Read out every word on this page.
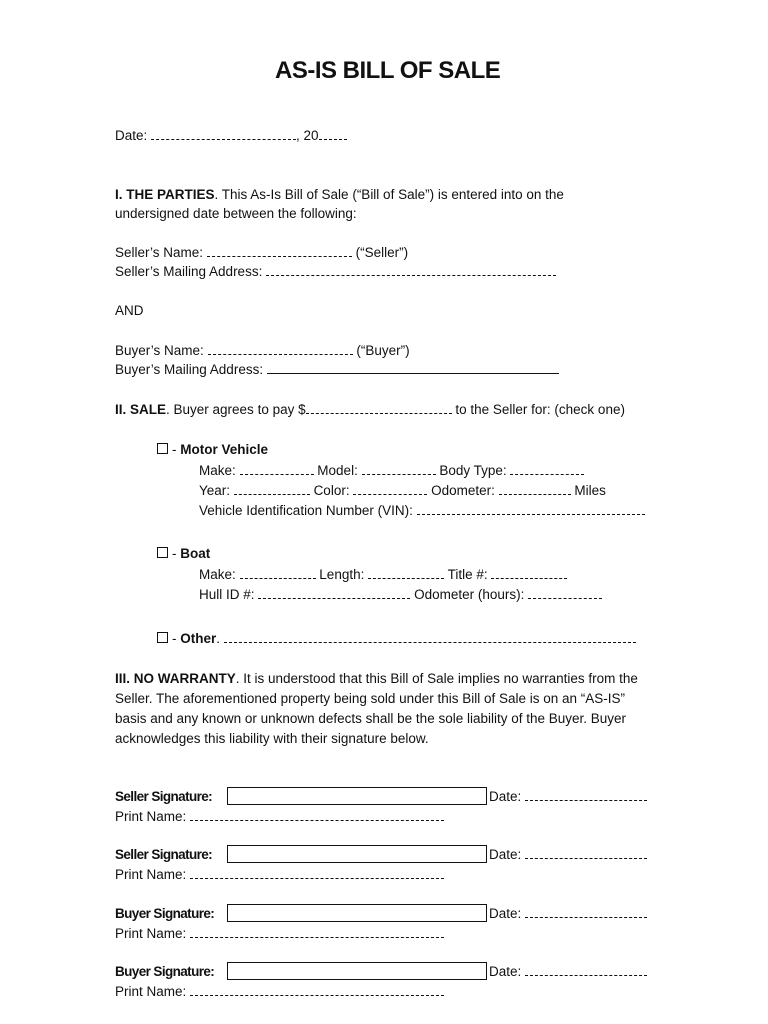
AS-IS BILL OF SALE
Date:	, 20
I. THE PARTIES. This As-Is Bill of Sale (“Bill of Sale”) is entered into on the
undersigned date between the following:
Seller’s Name:	(“Seller”)
Seller’s Mailing Address:
AND
Buyer’s Name:	(“Buyer”)
Buyer’s Mailing Address:
II. SALE. Buyer agrees to pay $	to the Seller for: (check one)
- Motor Vehicle
Make:	Model:	Body Type:
Year:	Color:	Odometer:	Miles
Vehicle Identification Number (VIN):
- Boat
Make:	Length:	Title #:
Hull ID #:	Odometer (hours):
- Other.
III. NO WARRANTY. It is understood that this Bill of Sale implies no warranties from the
Seller. The aforementioned property being sold under this Bill of Sale is on an “AS-IS”
basis and any known or unknown defects shall be the sole liability of the Buyer. Buyer
acknowledges this liability with their signature below.
Seller Signature:	Date:
Print Name:
Seller Signature:	Date:
Print Name:
Buyer Signature:	Date:
Print Name:
Buyer Signature:	Date:
Print Name:
